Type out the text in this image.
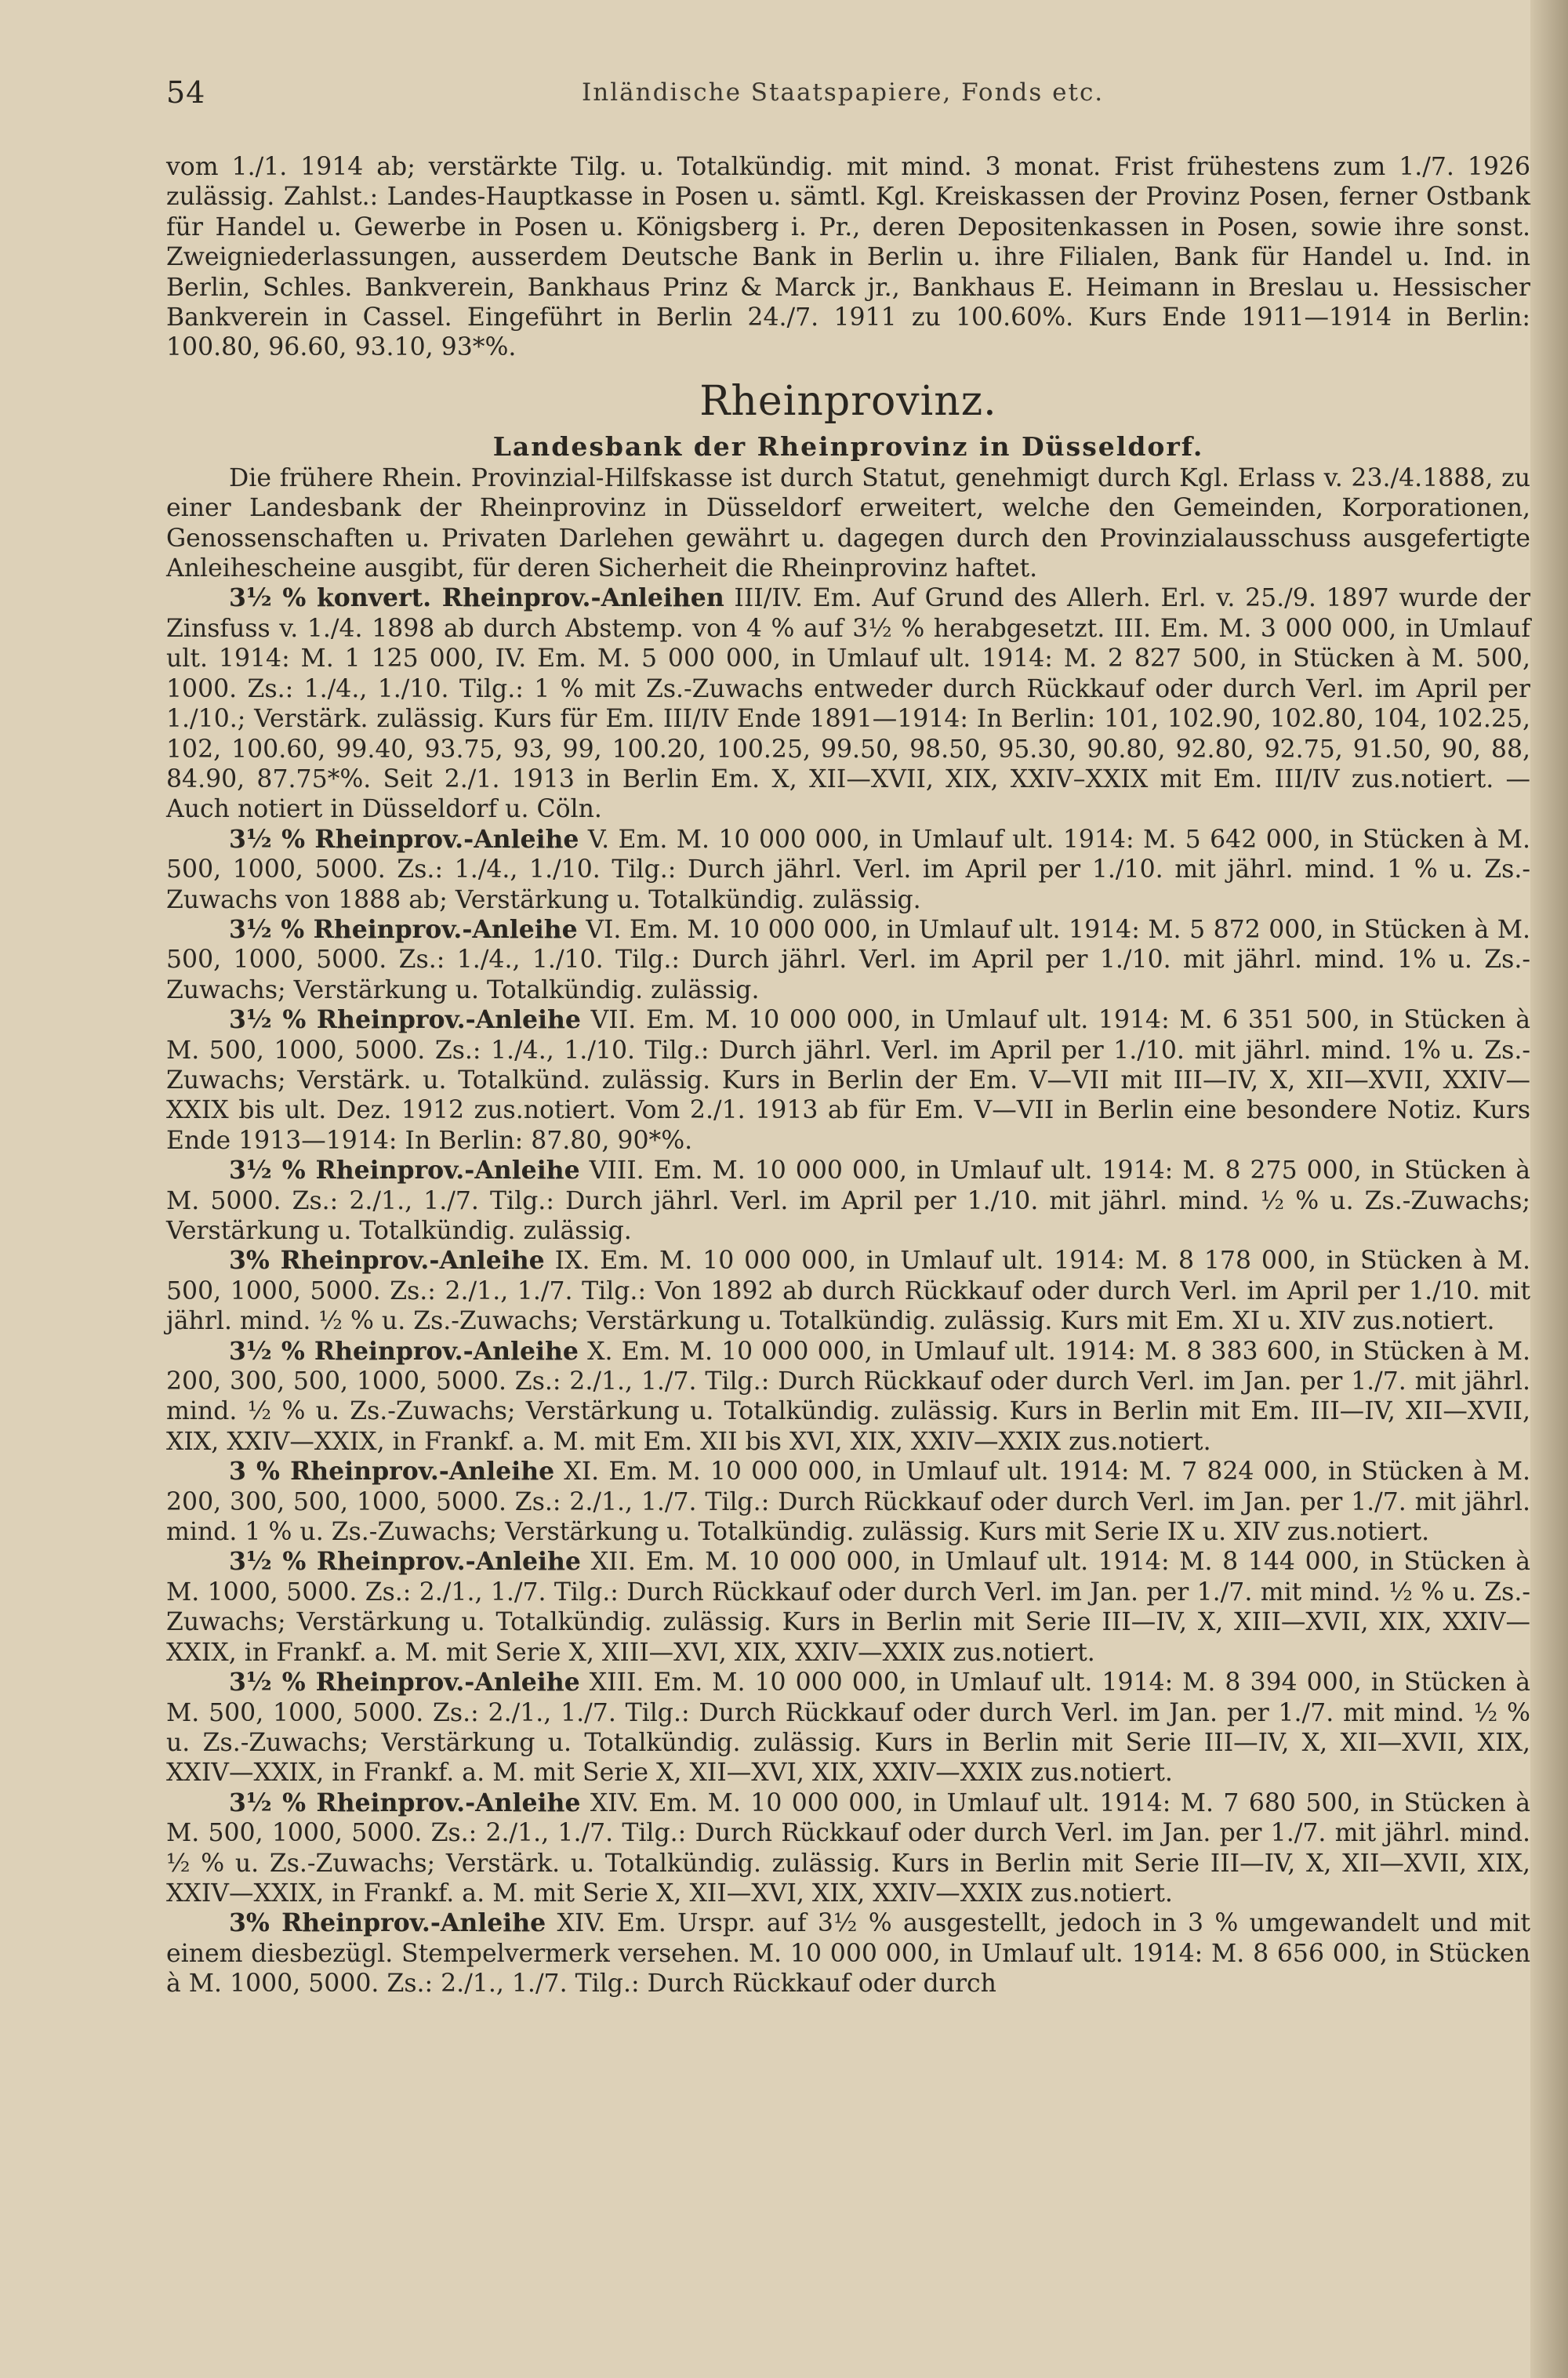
54	Inländische Staatspapiere, Fonds etc.

vom 1./1. 1914 ab; verstärkte Tilg. u. Totalkündig. mit mind. 3 monat. Frist frühestens zum 1./7. 1926 zulässig. Zahlst.: Landes-Hauptkasse in Posen u. sämtl. Kgl. Kreiskassen der Provinz Posen, ferner Ostbank für Handel u. Gewerbe in Posen u. Königsberg i. Pr., deren Depositenkassen in Posen, sowie ihre sonst. Zweigniederlassungen, ausserdem Deutsche Bank in Berlin u. ihre Filialen, Bank für Handel u. Ind. in Berlin, Schles. Bankverein, Bankhaus Prinz & Marck jr., Bankhaus E. Heimann in Breslau u. Hessischer Bankverein in Cassel. Eingeführt in Berlin 24./7. 1911 zu 100.60%. Kurs Ende 1911—1914 in Berlin: 100.80, 96.60, 93.10, 93*%.

Rheinprovinz.
Landesbank der Rheinprovinz in Düsseldorf.

Die frühere Rhein. Provinzial-Hilfskasse ist durch Statut, genehmigt durch Kgl. Erlass v. 23./4.1888, zu einer Landesbank der Rheinprovinz in Düsseldorf erweitert, welche den Gemeinden, Korporationen, Genossenschaften u. Privaten Darlehen gewährt u. dagegen durch den Provinzialausschuss ausgefertigte Anleihescheine ausgibt, für deren Sicherheit die Rheinprovinz haftet.

3½ % konvert. Rheinprov.-Anleihen III/IV. Em. Auf Grund des Allerh. Erl. v. 25./9. 1897 wurde der Zinsfuss v. 1./4. 1898 ab durch Abstemp. von 4 % auf 3½ % herabgesetzt. III. Em. M. 3 000 000, in Umlauf ult. 1914: M. 1 125 000, IV. Em. M. 5 000 000, in Umlauf ult. 1914: M. 2 827 500, in Stücken à M. 500, 1000. Zs.: 1./4., 1./10. Tilg.: 1 % mit Zs.-Zuwachs entweder durch Rückkauf oder durch Verl. im April per 1./10.; Verstärk. zulässig. Kurs für Em. III/IV Ende 1891—1914: In Berlin: 101, 102.90, 102.80, 104, 102.25, 102, 100.60, 99.40, 93.75, 93, 99, 100.20, 100.25, 99.50, 98.50, 95.30, 90.80, 92.80, 92.75, 91.50, 90, 88, 84.90, 87.75*%. Seit 2./1. 1913 in Berlin Em. X, XII—XVII, XIX, XXIV–XXIX mit Em. III/IV zus.notiert. — Auch notiert in Düsseldorf u. Cöln.

3½ % Rheinprov.-Anleihe V. Em. M. 10 000 000, in Umlauf ult. 1914: M. 5 642 000, in Stücken à M. 500, 1000, 5000. Zs.: 1./4., 1./10. Tilg.: Durch jährl. Verl. im April per 1./10. mit jährl. mind. 1 % u. Zs.-Zuwachs von 1888 ab; Verstärkung u. Totalkündig. zulässig.

3½ % Rheinprov.-Anleihe VI. Em. M. 10 000 000, in Umlauf ult. 1914: M. 5 872 000, in Stücken à M. 500, 1000, 5000. Zs.: 1./4., 1./10. Tilg.: Durch jährl. Verl. im April per 1./10. mit jährl. mind. 1% u. Zs.-Zuwachs; Verstärkung u. Totalkündig. zulässig.

3½ % Rheinprov.-Anleihe VII. Em. M. 10 000 000, in Umlauf ult. 1914: M. 6 351 500, in Stücken à M. 500, 1000, 5000. Zs.: 1./4., 1./10. Tilg.: Durch jährl. Verl. im April per 1./10. mit jährl. mind. 1% u. Zs.-Zuwachs; Verstärk. u. Totalkünd. zulässig. Kurs in Berlin der Em. V—VII mit III—IV, X, XII—XVII, XXIV—XXIX bis ult. Dez. 1912 zus.notiert. Vom 2./1. 1913 ab für Em. V—VII in Berlin eine besondere Notiz. Kurs Ende 1913—1914: In Berlin: 87.80, 90*%.

3½ % Rheinprov.-Anleihe VIII. Em. M. 10 000 000, in Umlauf ult. 1914: M. 8 275 000, in Stücken à M. 5000. Zs.: 2./1., 1./7. Tilg.: Durch jährl. Verl. im April per 1./10. mit jährl. mind. ½ % u. Zs.-Zuwachs; Verstärkung u. Totalkündig. zulässig.

3% Rheinprov.-Anleihe IX. Em. M. 10 000 000, in Umlauf ult. 1914: M. 8 178 000, in Stücken à M. 500, 1000, 5000. Zs.: 2./1., 1./7. Tilg.: Von 1892 ab durch Rückkauf oder durch Verl. im April per 1./10. mit jährl. mind. ½ % u. Zs.-Zuwachs; Verstärkung u. Totalkündig. zulässig. Kurs mit Em. XI u. XIV zus.notiert.

3½ % Rheinprov.-Anleihe X. Em. M. 10 000 000, in Umlauf ult. 1914: M. 8 383 600, in Stücken à M. 200, 300, 500, 1000, 5000. Zs.: 2./1., 1./7. Tilg.: Durch Rückkauf oder durch Verl. im Jan. per 1./7. mit jährl. mind. ½ % u. Zs.-Zuwachs; Verstärkung u. Totalkündig. zulässig. Kurs in Berlin mit Em. III—IV, XII—XVII, XIX, XXIV—XXIX, in Frankf. a. M. mit Em. XII bis XVI, XIX, XXIV—XXIX zus.notiert.

3 % Rheinprov.-Anleihe XI. Em. M. 10 000 000, in Umlauf ult. 1914: M. 7 824 000, in Stücken à M. 200, 300, 500, 1000, 5000. Zs.: 2./1., 1./7. Tilg.: Durch Rückkauf oder durch Verl. im Jan. per 1./7. mit jährl. mind. 1 % u. Zs.-Zuwachs; Verstärkung u. Totalkündig. zulässig. Kurs mit Serie IX u. XIV zus.notiert.

3½ % Rheinprov.-Anleihe XII. Em. M. 10 000 000, in Umlauf ult. 1914: M. 8 144 000, in Stücken à M. 1000, 5000. Zs.: 2./1., 1./7. Tilg.: Durch Rückkauf oder durch Verl. im Jan. per 1./7. mit mind. ½ % u. Zs.-Zuwachs; Verstärkung u. Totalkündig. zulässig. Kurs in Berlin mit Serie III—IV, X, XIII—XVII, XIX, XXIV—XXIX, in Frankf. a. M. mit Serie X, XIII—XVI, XIX, XXIV—XXIX zus.notiert.

3½ % Rheinprov.-Anleihe XIII. Em. M. 10 000 000, in Umlauf ult. 1914: M. 8 394 000, in Stücken à M. 500, 1000, 5000. Zs.: 2./1., 1./7. Tilg.: Durch Rückkauf oder durch Verl. im Jan. per 1./7. mit mind. ½ % u. Zs.-Zuwachs; Verstärkung u. Totalkündig. zulässig. Kurs in Berlin mit Serie III—IV, X, XII—XVII, XIX, XXIV—XXIX, in Frankf. a. M. mit Serie X, XII—XVI, XIX, XXIV—XXIX zus.notiert.

3½ % Rheinprov.-Anleihe XIV. Em. M. 10 000 000, in Umlauf ult. 1914: M. 7 680 500, in Stücken à M. 500, 1000, 5000. Zs.: 2./1., 1./7. Tilg.: Durch Rückkauf oder durch Verl. im Jan. per 1./7. mit jährl. mind. ½ % u. Zs.-Zuwachs; Verstärk. u. Totalkündig. zulässig. Kurs in Berlin mit Serie III—IV, X, XII—XVII, XIX, XXIV—XXIX, in Frankf. a. M. mit Serie X, XII—XVI, XIX, XXIV—XXIX zus.notiert.

3% Rheinprov.-Anleihe XIV. Em. Urspr. auf 3½ % ausgestellt, jedoch in 3 % umgewandelt und mit einem diesbezügl. Stempelvermerk versehen. M. 10 000 000, in Umlauf ult. 1914: M. 8 656 000, in Stücken à M. 1000, 5000. Zs.: 2./1., 1./7. Tilg.: Durch Rückkauf oder durch
